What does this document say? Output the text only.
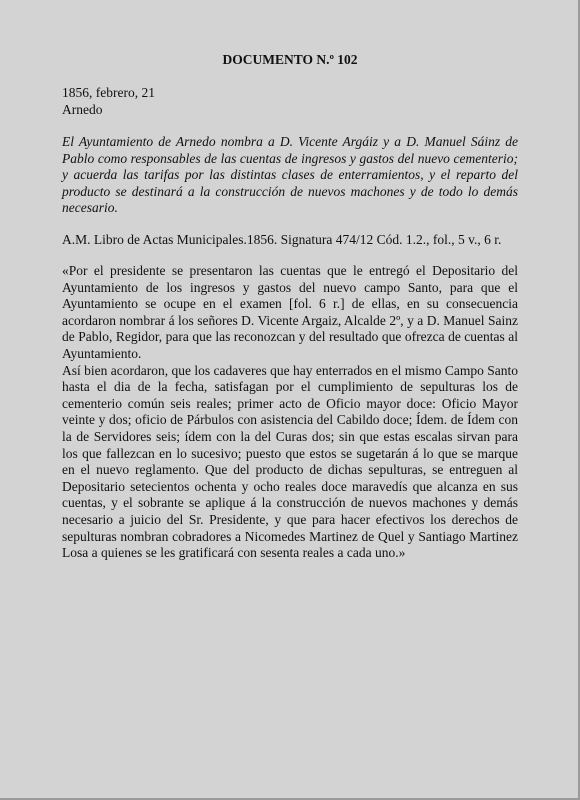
DOCUMENTO N.º 102
1856, febrero, 21
Arnedo
El Ayuntamiento de Arnedo nombra a D. Vicente Argáiz y a D. Manuel Sáinz de Pablo como responsables de las cuentas de ingresos y gastos del nuevo cementerio; y acuerda las tarifas por las distintas clases de enterramientos, y el reparto del producto se destinará a la construcción de nuevos machones y de todo lo demás necesario.
A.M. Libro de Actas Municipales.1856. Signatura 474/12 Cód. 1.2., fol., 5 v., 6 r.

«Por el presidente se presentaron las cuentas que le entregó el Depositario del Ayuntamiento de los ingresos y gastos del nuevo campo Santo, para que el Ayuntamiento se ocupe en el examen [fol. 6 r.] de ellas, en su consecuencia acordaron nombrar á los señores D. Vicente Argaiz, Alcalde 2º, y a D. Manuel Sainz de Pablo, Regidor, para que las reconozcan y del resultado que ofrezca de cuentas al Ayuntamiento.

Así bien acordaron, que los cadaveres que hay enterrados en el mismo Campo Santo hasta el dia de la fecha, satisfagan por el cumplimiento de sepulturas los de cementerio común seis reales; primer acto de Oficio mayor doce: Oficio Mayor veinte y dos; oficio de Párbulos con asistencia del Cabildo doce; Ídem. de Ídem con la de Servidores seis; ídem con la del Curas dos; sin que estas escalas sirvan para los que fallezcan en lo sucesivo; puesto que estos se sugetarán á lo que se marque en el nuevo reglamento. Que del producto de dichas sepulturas, se entreguen al Depositario setecientos ochenta y ocho reales doce maravedís que alcanza en sus cuentas, y el sobrante se aplique á la construcción de nuevos machones y demás necesario a juicio del Sr. Presidente, y que para hacer efectivos los derechos de sepulturas nombran cobradores a Nicomedes Martinez de Quel y Santiago Martinez Losa a quienes se les gratificará con sesenta reales a cada uno.»
